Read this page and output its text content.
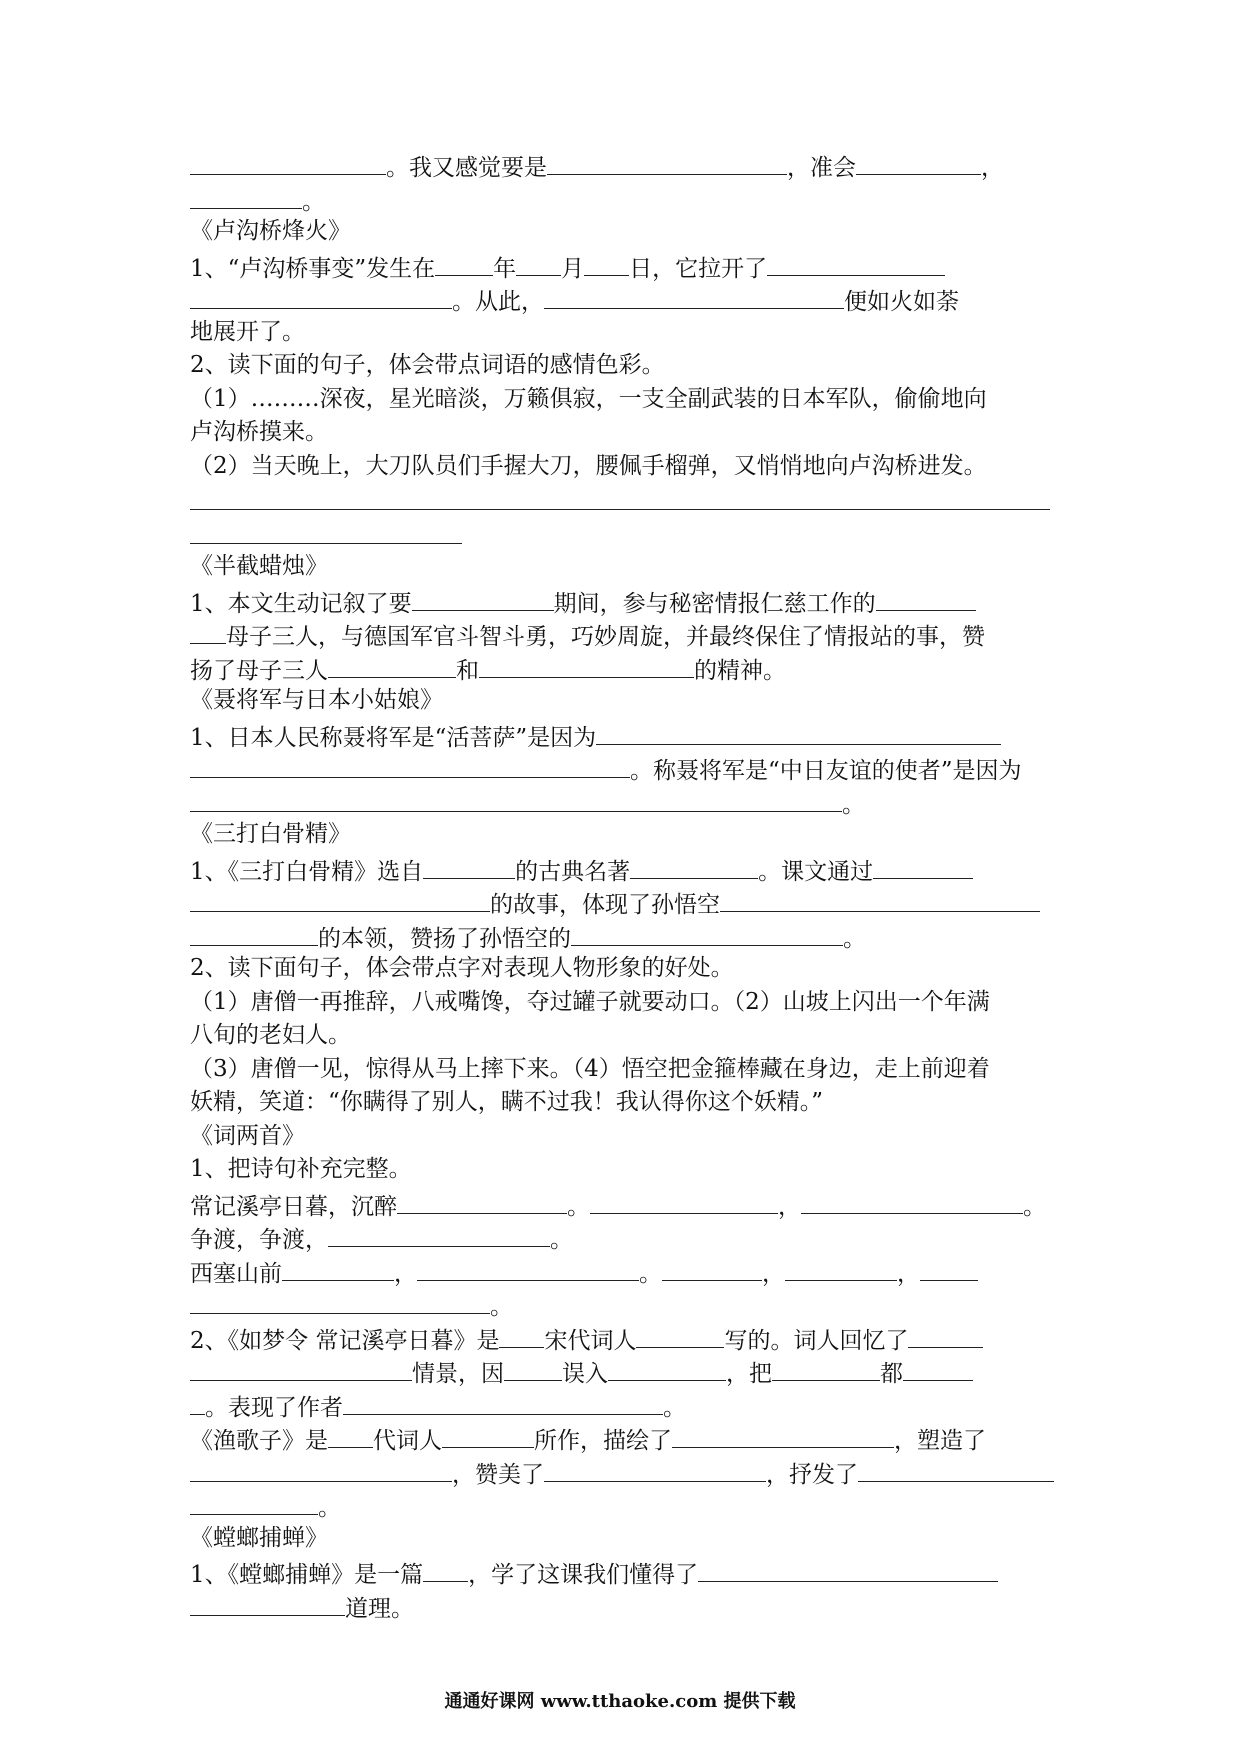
。我又感觉要是	，准会	，
。
《卢沟桥烽火》
1、“卢沟桥事变”发生在	年 月 日，它拉开了
。从此，	便如火如荼
地展开了。
2、读下面的句子，体会带点词语的感情色彩。
（1）………深夜，星光暗淡，万籁俱寂，一支全副武装的日本军队，偷偷地向
卢沟桥摸来。
（2）当天晚上，大刀队员们手握大刀，腰佩手榴弹，又悄悄地向卢沟桥进发。
《半截蜡烛》
1、本文生动记叙了要	期间，参与秘密情报仁慈工作的
母子三人，与德国军官斗智斗勇，巧妙周旋，并最终保住了情报站的事，赞
扬了母子三人	和	的精神。
《聂将军与日本小姑娘》
1、日本人民称聂将军是“活菩萨”是因为
。称聂将军是“中日友谊的使者”是因为
。
《三打白骨精》
1、《三打白骨精》选自	的古典名著	。课文通过
的故事，体现了孙悟空
的本领，赞扬了孙悟空的	。
2、读下面句子，体会带点字对表现人物形象的好处。
（1）唐僧一再推辞，八戒嘴馋，夺过罐子就要动口。（2）山坡上闪出一个年满
八旬的老妇人。
（3）唐僧一见，惊得从马上摔下来。（4）悟空把金箍棒藏在身边，走上前迎着
妖精，笑道：“你瞒得了别人，瞒不过我！我认得你这个妖精。”
《词两首》
1、把诗句补充完整。
常记溪亭日暮，沉醉	。	，	。
争渡，争渡，	。
西塞山前	，	。	，	，
。
2、《如梦令 常记溪亭日暮》是 宋代词人	写的。词人回忆了
情景，因	误入	，把	都
。表现了作者	。
《渔歌子》是 代词人	所作，描绘了	，塑造了
，赞美了	，抒发了
。
《螳螂捕蝉》
1、《螳螂捕蝉》是一篇 ，学了这课我们懂得了
道理。
通通好课网 www.tthaoke.com 提供下载
